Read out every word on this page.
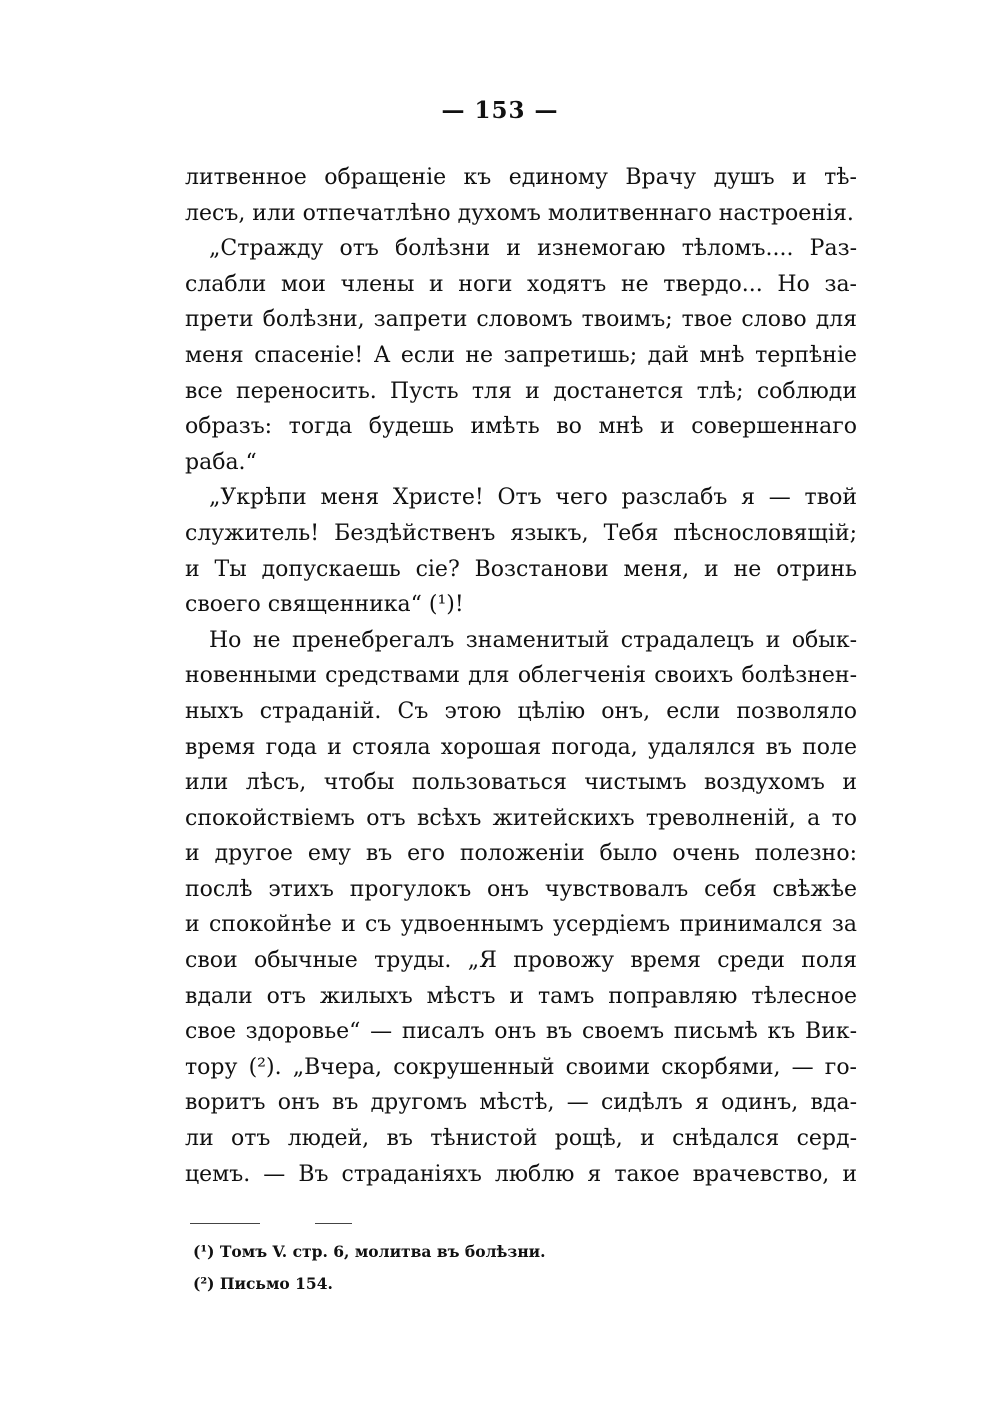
— 153 —
литвенное обращеніе къ единому Врачу душъ и тѣ-
лесъ, или отпечатлѣно духомъ молитвеннаго настроенія.
„Стражду отъ болѣзни и изнемогаю тѣломъ.... Раз-
слабли мои члены и ноги ходятъ не твердо... Но за-
прети болѣзни, запрети словомъ твоимъ; твое слово для
меня спасеніе! А если не запретишь; дай мнѣ терпѣніе
все переносить. Пусть тля и достанется тлѣ; соблюди
образъ: тогда будешь имѣть во мнѣ и совершеннаго
раба.“
„Укрѣпи меня Христе! Отъ чего разслабъ я — твой
служитель! Бездѣйственъ языкъ, Тебя пѣснословящій;
и Ты допускаешь сіе? Возстанови меня, и не отринь
своего священника“ (¹)!
Но не пренебрегалъ знаменитый страдалецъ и обык-
новенными средствами для облегченія своихъ болѣзнен-
ныхъ страданій. Съ этою цѣлію онъ, если позволяло
время года и стояла хорошая погода, удалялся въ поле
или лѣсъ, чтобы пользоваться чистымъ воздухомъ и
спокойствіемъ отъ всѣхъ житейскихъ треволненій, а то
и другое ему въ его положеніи было очень полезно:
послѣ этихъ прогулокъ онъ чувствовалъ себя свѣжѣе
и спокойнѣе и съ удвоеннымъ усердіемъ принимался за
свои обычные труды. „Я провожу время среди поля
вдали отъ жилыхъ мѣстъ и тамъ поправляю тѣлесное
свое здоровье“ — писалъ онъ въ своемъ письмѣ къ Вик-
тору (²). „Вчера, сокрушенный своими скорбями, — го-
воритъ онъ въ другомъ мѣстѣ, — сидѣлъ я одинъ, вда-
ли отъ людей, въ тѣнистой рощѣ, и снѣдался серд-
цемъ. — Въ страданіяхъ люблю я такое врачевство, и
(¹) Томъ V. стр. 6, молитва въ болѣзни.
(²) Письмо 154.
